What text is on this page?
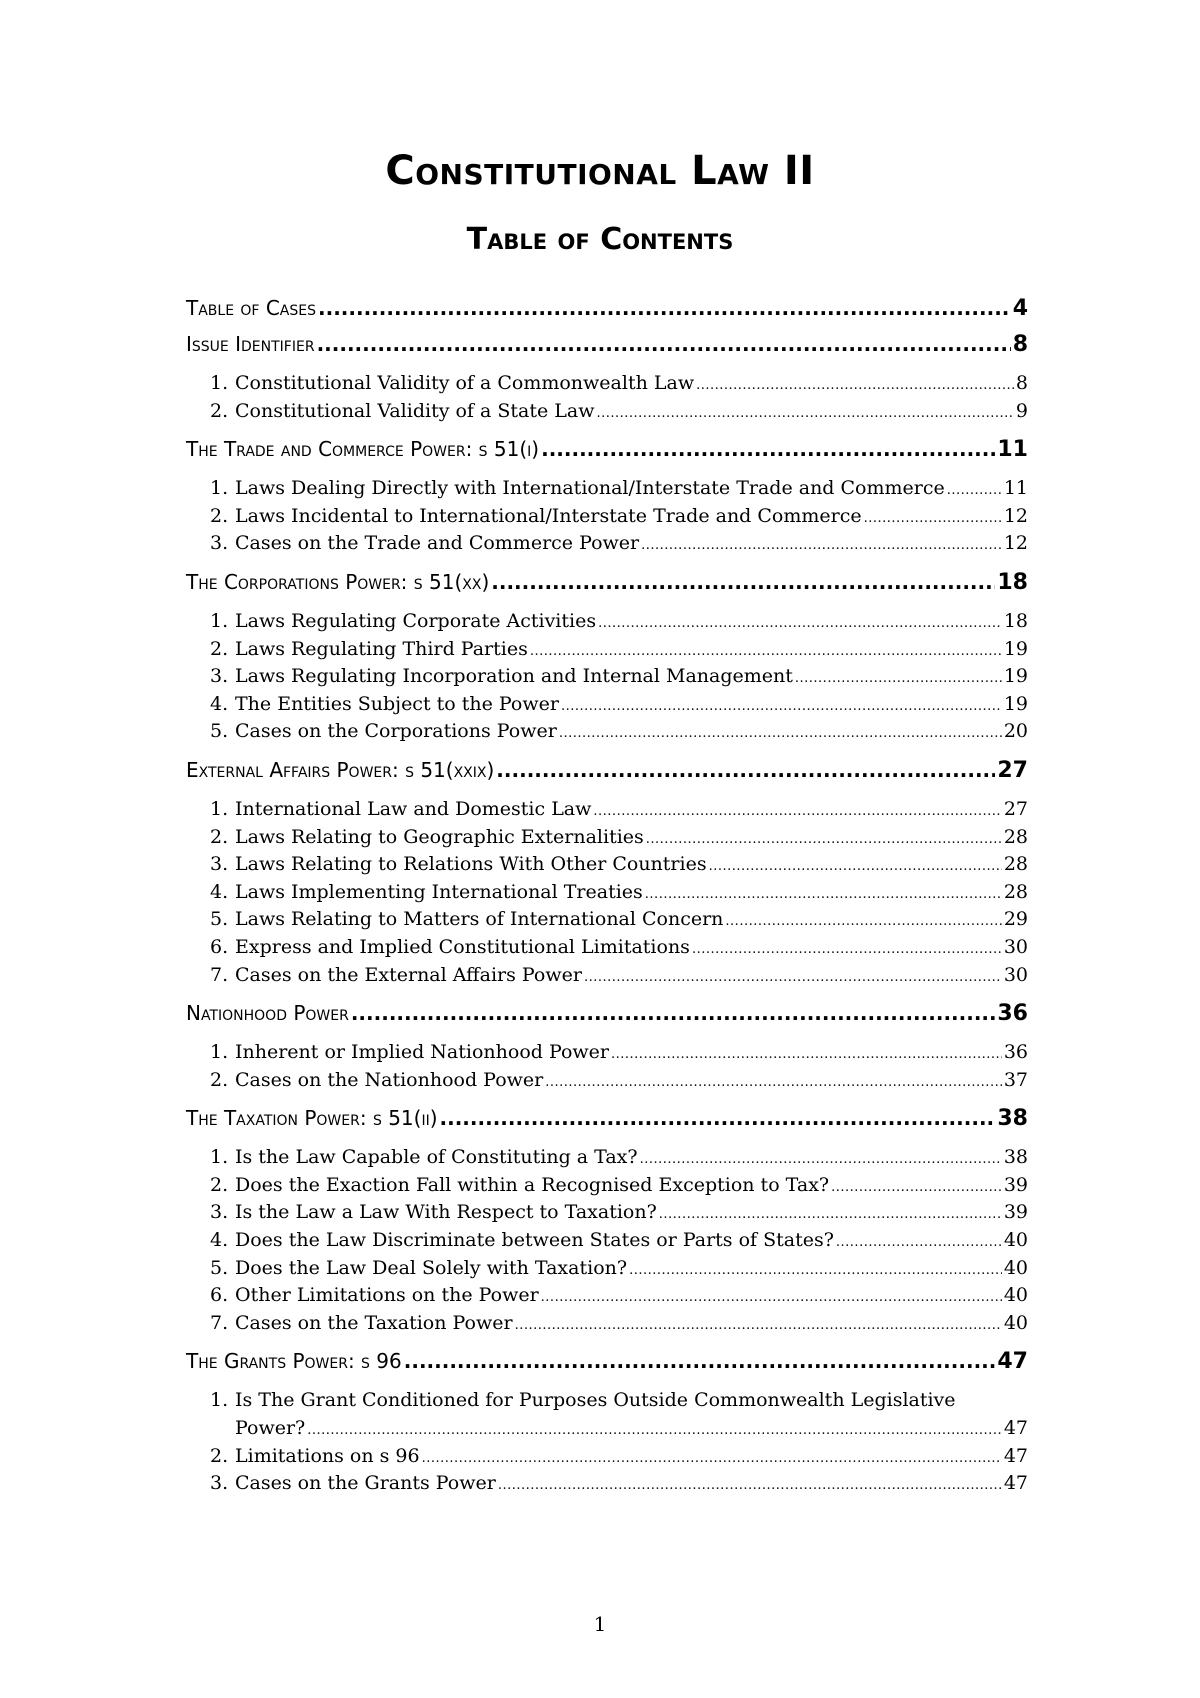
Constitutional Law II
Table of Contents
Table of Cases .....	4
Issue Identifier .....	8
1. Constitutional Validity of a Commonwealth Law .....	8
2. Constitutional Validity of a State Law .....	9
The Trade and Commerce Power: s 51(i) .....	11
1. Laws Dealing Directly with International/Interstate Trade and Commerce .....	11
2. Laws Incidental to International/Interstate Trade and Commerce .....	12
3. Cases on the Trade and Commerce Power .....	12
The Corporations Power: s 51(xx) .....	18
1. Laws Regulating Corporate Activities .....	18
2. Laws Regulating Third Parties .....	19
3. Laws Regulating Incorporation and Internal Management .....	19
4. The Entities Subject to the Power .....	19
5. Cases on the Corporations Power .....	20
External Affairs Power: s 51(xxix) .....	27
1. International Law and Domestic Law .....	27
2. Laws Relating to Geographic Externalities .....	28
3. Laws Relating to Relations With Other Countries .....	28
4. Laws Implementing International Treaties .....	28
5. Laws Relating to Matters of International Concern .....	29
6. Express and Implied Constitutional Limitations .....	30
7. Cases on the External Affairs Power .....	30
Nationhood Power .....	36
1. Inherent or Implied Nationhood Power .....	36
2. Cases on the Nationhood Power .....	37
The Taxation Power: s 51(ii) .....	38
1. Is the Law Capable of Constituting a Tax? .....	38
2. Does the Exaction Fall within a Recognised Exception to Tax? .....	39
3. Is the Law a Law With Respect to Taxation? .....	39
4. Does the Law Discriminate between States or Parts of States? .....	40
5. Does the Law Deal Solely with Taxation? .....	40
6. Other Limitations on the Power .....	40
7. Cases on the Taxation Power .....	40
The Grants Power: s 96 .....	47
1. Is The Grant Conditioned for Purposes Outside Commonwealth Legislative
Power? .....	47
2. Limitations on s 96 .....	47
3. Cases on the Grants Power .....	47
1
